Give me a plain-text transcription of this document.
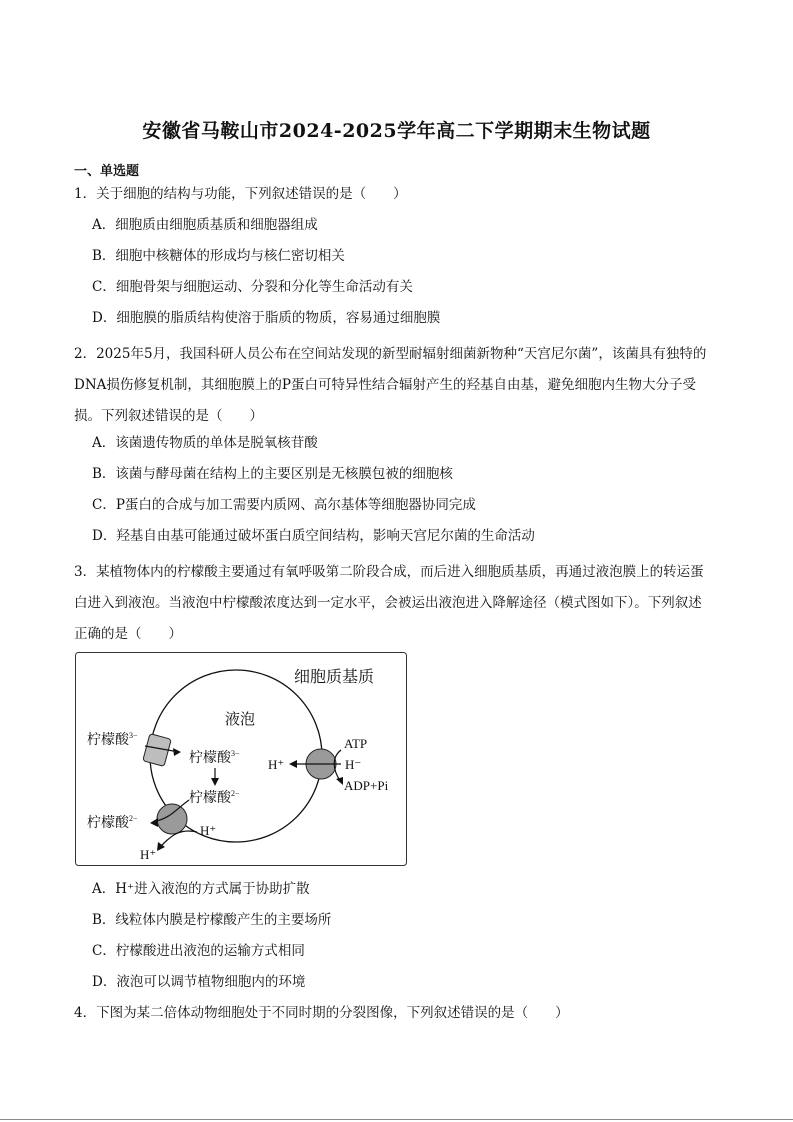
安徽省马鞍山市2024-2025学年高二下学期期末生物试题
一、单选题
1．关于细胞的结构与功能，下列叙述错误的是（　　）
A．细胞质由细胞质基质和细胞器组成
B．细胞中核糖体的形成均与核仁密切相关
C．细胞骨架与细胞运动、分裂和分化等生命活动有关
D．细胞膜的脂质结构使溶于脂质的物质，容易通过细胞膜
2．2025年5月，我国科研人员公布在空间站发现的新型耐辐射细菌新物种“天宫尼尔菌”，该菌具有独特的
DNA损伤修复机制，其细胞膜上的P蛋白可特异性结合辐射产生的羟基自由基，避免细胞内生物大分子受
损。下列叙述错误的是（　　）
A．该菌遗传物质的单体是脱氧核苷酸
B．该菌与酵母菌在结构上的主要区别是无核膜包被的细胞核
C．P蛋白的合成与加工需要内质网、高尔基体等细胞器协同完成
D．羟基自由基可能通过破坏蛋白质空间结构，影响天宫尼尔菌的生命活动
3．某植物体内的柠檬酸主要通过有氧呼吸第二阶段合成，而后进入细胞质基质，再通过液泡膜上的转运蛋
白进入到液泡。当液泡中柠檬酸浓度达到一定水平，会被运出液泡进入降解途径（模式图如下）。下列叙述
正确的是（　　）
细胞质基质
液泡
柠檬酸$^{3-}$
柠檬酸$^{3-}$
柠檬酸$^{2-}$
柠檬酸$^{2-}$
H⁺
H⁺
H⁺	H⁻
ATP
ADP+Pi
A．H⁺进入液泡的方式属于协助扩散
B．线粒体内膜是柠檬酸产生的主要场所
C．柠檬酸进出液泡的运输方式相同
D．液泡可以调节植物细胞内的环境
4．下图为某二倍体动物细胞处于不同时期的分裂图像，下列叙述错误的是（　　）
